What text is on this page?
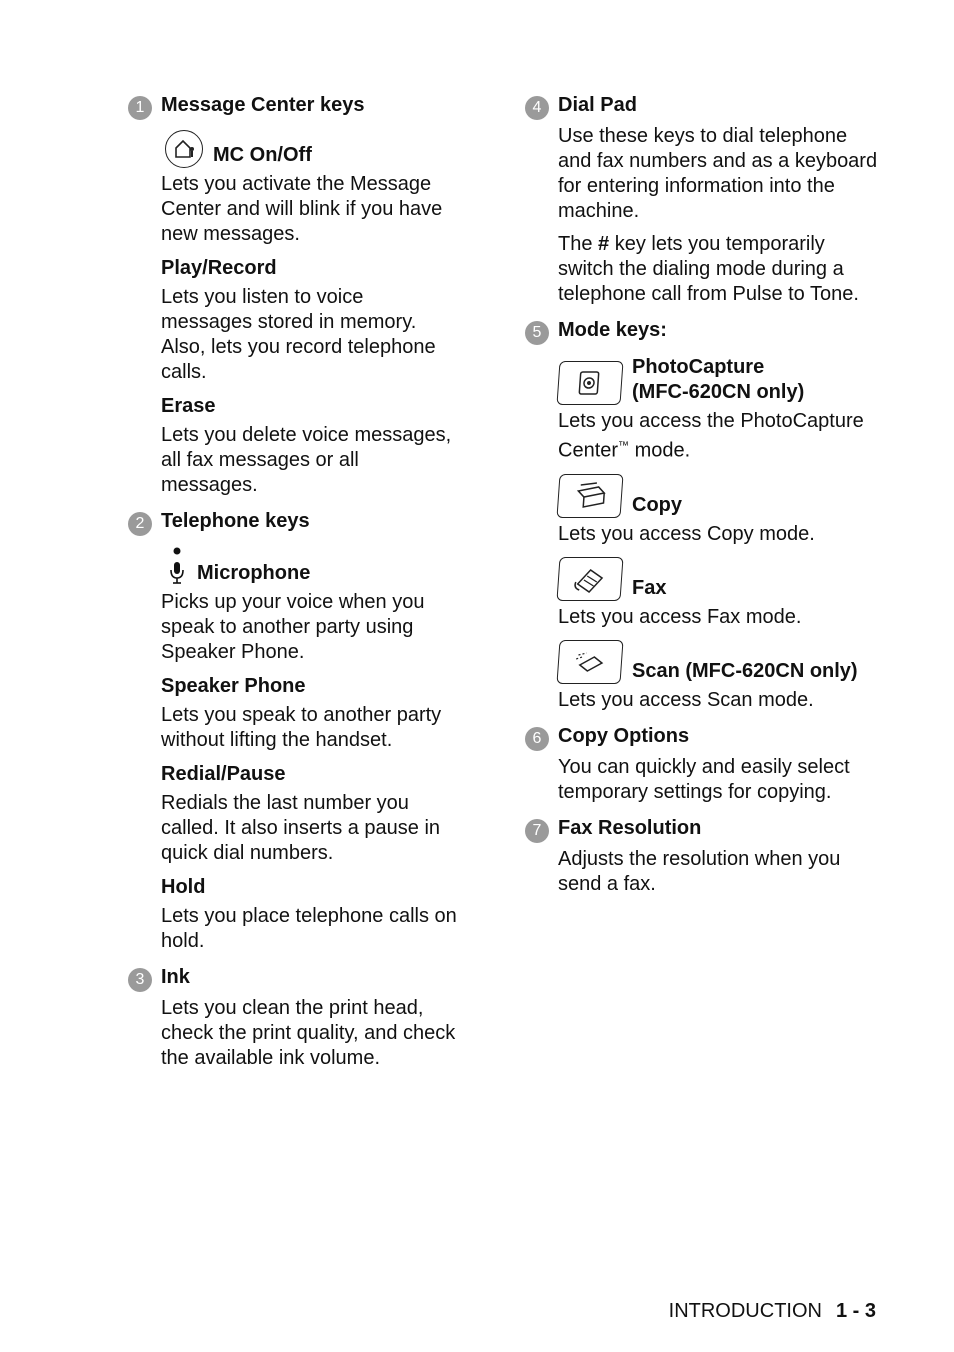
1 Message Center keys
MC On/Off
Lets you activate the Message Center and will blink if you have new messages.
Play/Record
Lets you listen to voice messages stored in memory. Also, lets you record telephone calls.
Erase
Lets you delete voice messages, all fax messages or all messages.
2 Telephone keys
Microphone
Picks up your voice when you speak to another party using Speaker Phone.
Speaker Phone
Lets you speak to another party without lifting the handset.
Redial/Pause
Redials the last number you called. It also inserts a pause in quick dial numbers.
Hold
Lets you place telephone calls on hold.
3 Ink
Lets you clean the print head, check the print quality, and check the available ink volume.
4 Dial Pad
Use these keys to dial telephone and fax numbers and as a keyboard for entering information into the machine.
The # key lets you temporarily switch the dialing mode during a telephone call from Pulse to Tone.
5 Mode keys:
PhotoCapture
(MFC-620CN only)
Lets you access the PhotoCapture Center™ mode.
Copy
Lets you access Copy mode.
Fax
Lets you access Fax mode.
Scan (MFC-620CN only)
Lets you access Scan mode.
6 Copy Options
You can quickly and easily select temporary settings for copying.
7 Fax Resolution
Adjusts the resolution when you send a fax.
INTRODUCTION 1 - 3
